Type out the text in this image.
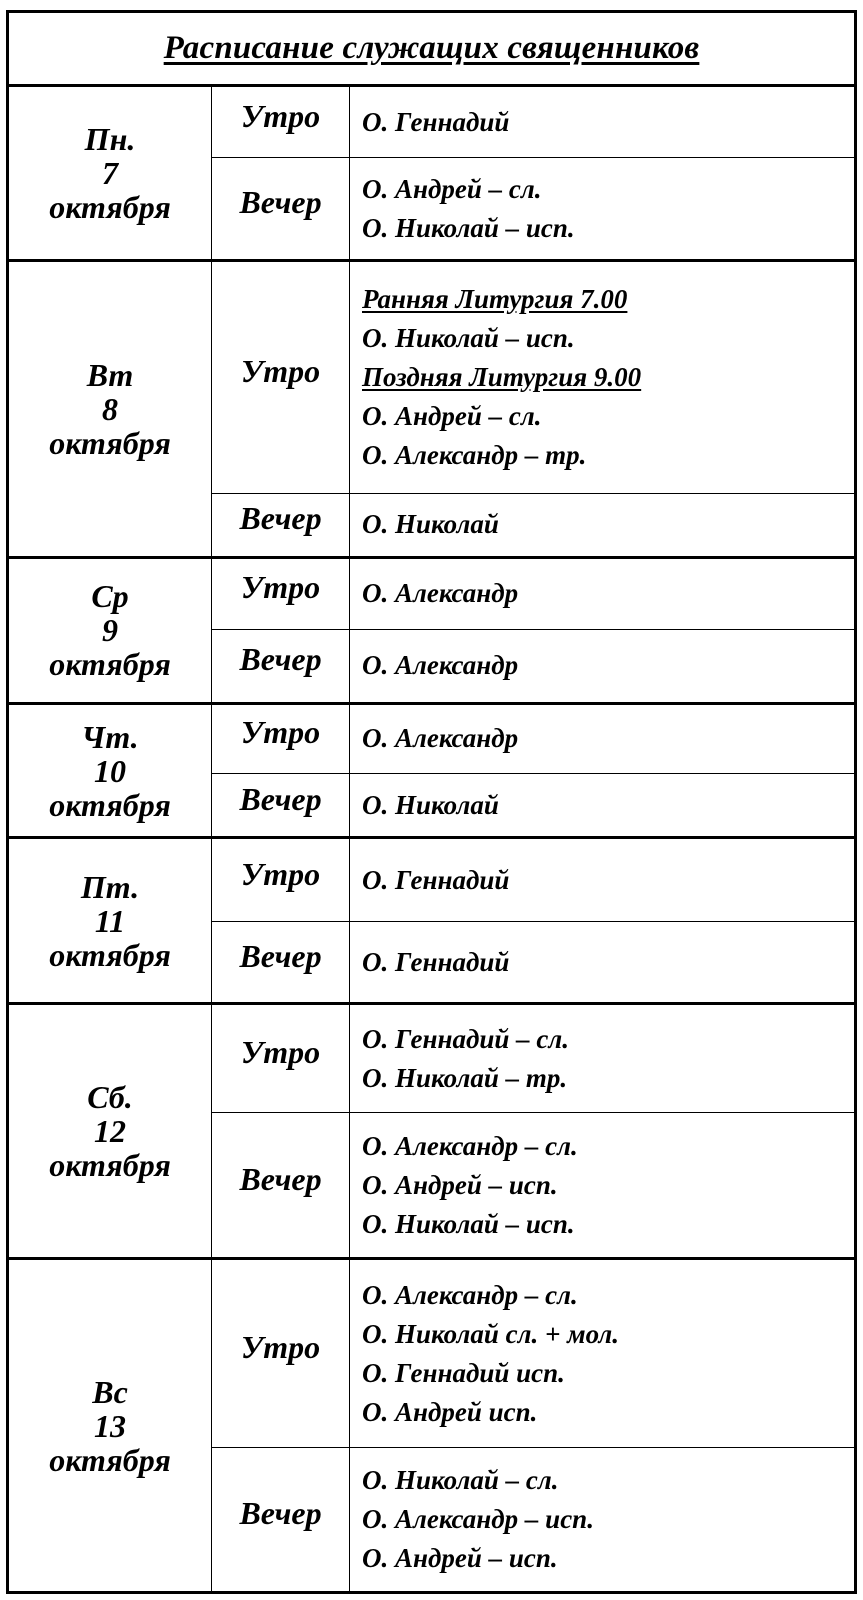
Расписание служащих священников		

Пн.
7
октября	Утро	О. Геннадий

	Вечер	О. Андрей – сл.
О. Николай – исп.

Вт
8
октября	Утро	Ранняя Литургия 7.00
О. Николай – исп.
Поздняя Литургия 9.00
О. Андрей – сл.
О. Александр – тр.

	Вечер	О. Николай

Ср
9
октября	Утро	О. Александр

	Вечер	О. Александр

Чт.
10
октября	Утро	О. Александр

	Вечер	О. Николай

Пт.
11
октября	Утро	О. Геннадий

	Вечер	О. Геннадий

Сб.
12
октября	Утро	О. Геннадий – сл.
О. Николай – тр.

	Вечер	О. Александр – сл.
О. Андрей – исп.
О. Николай – исп.

Вс
13
октября	Утро	О. Александр – сл.
О. Николай сл. + мол.
О. Геннадий исп.
О. Андрей исп.

	Вечер	О. Николай – сл.
О. Александр – исп.
О. Андрей – исп.
